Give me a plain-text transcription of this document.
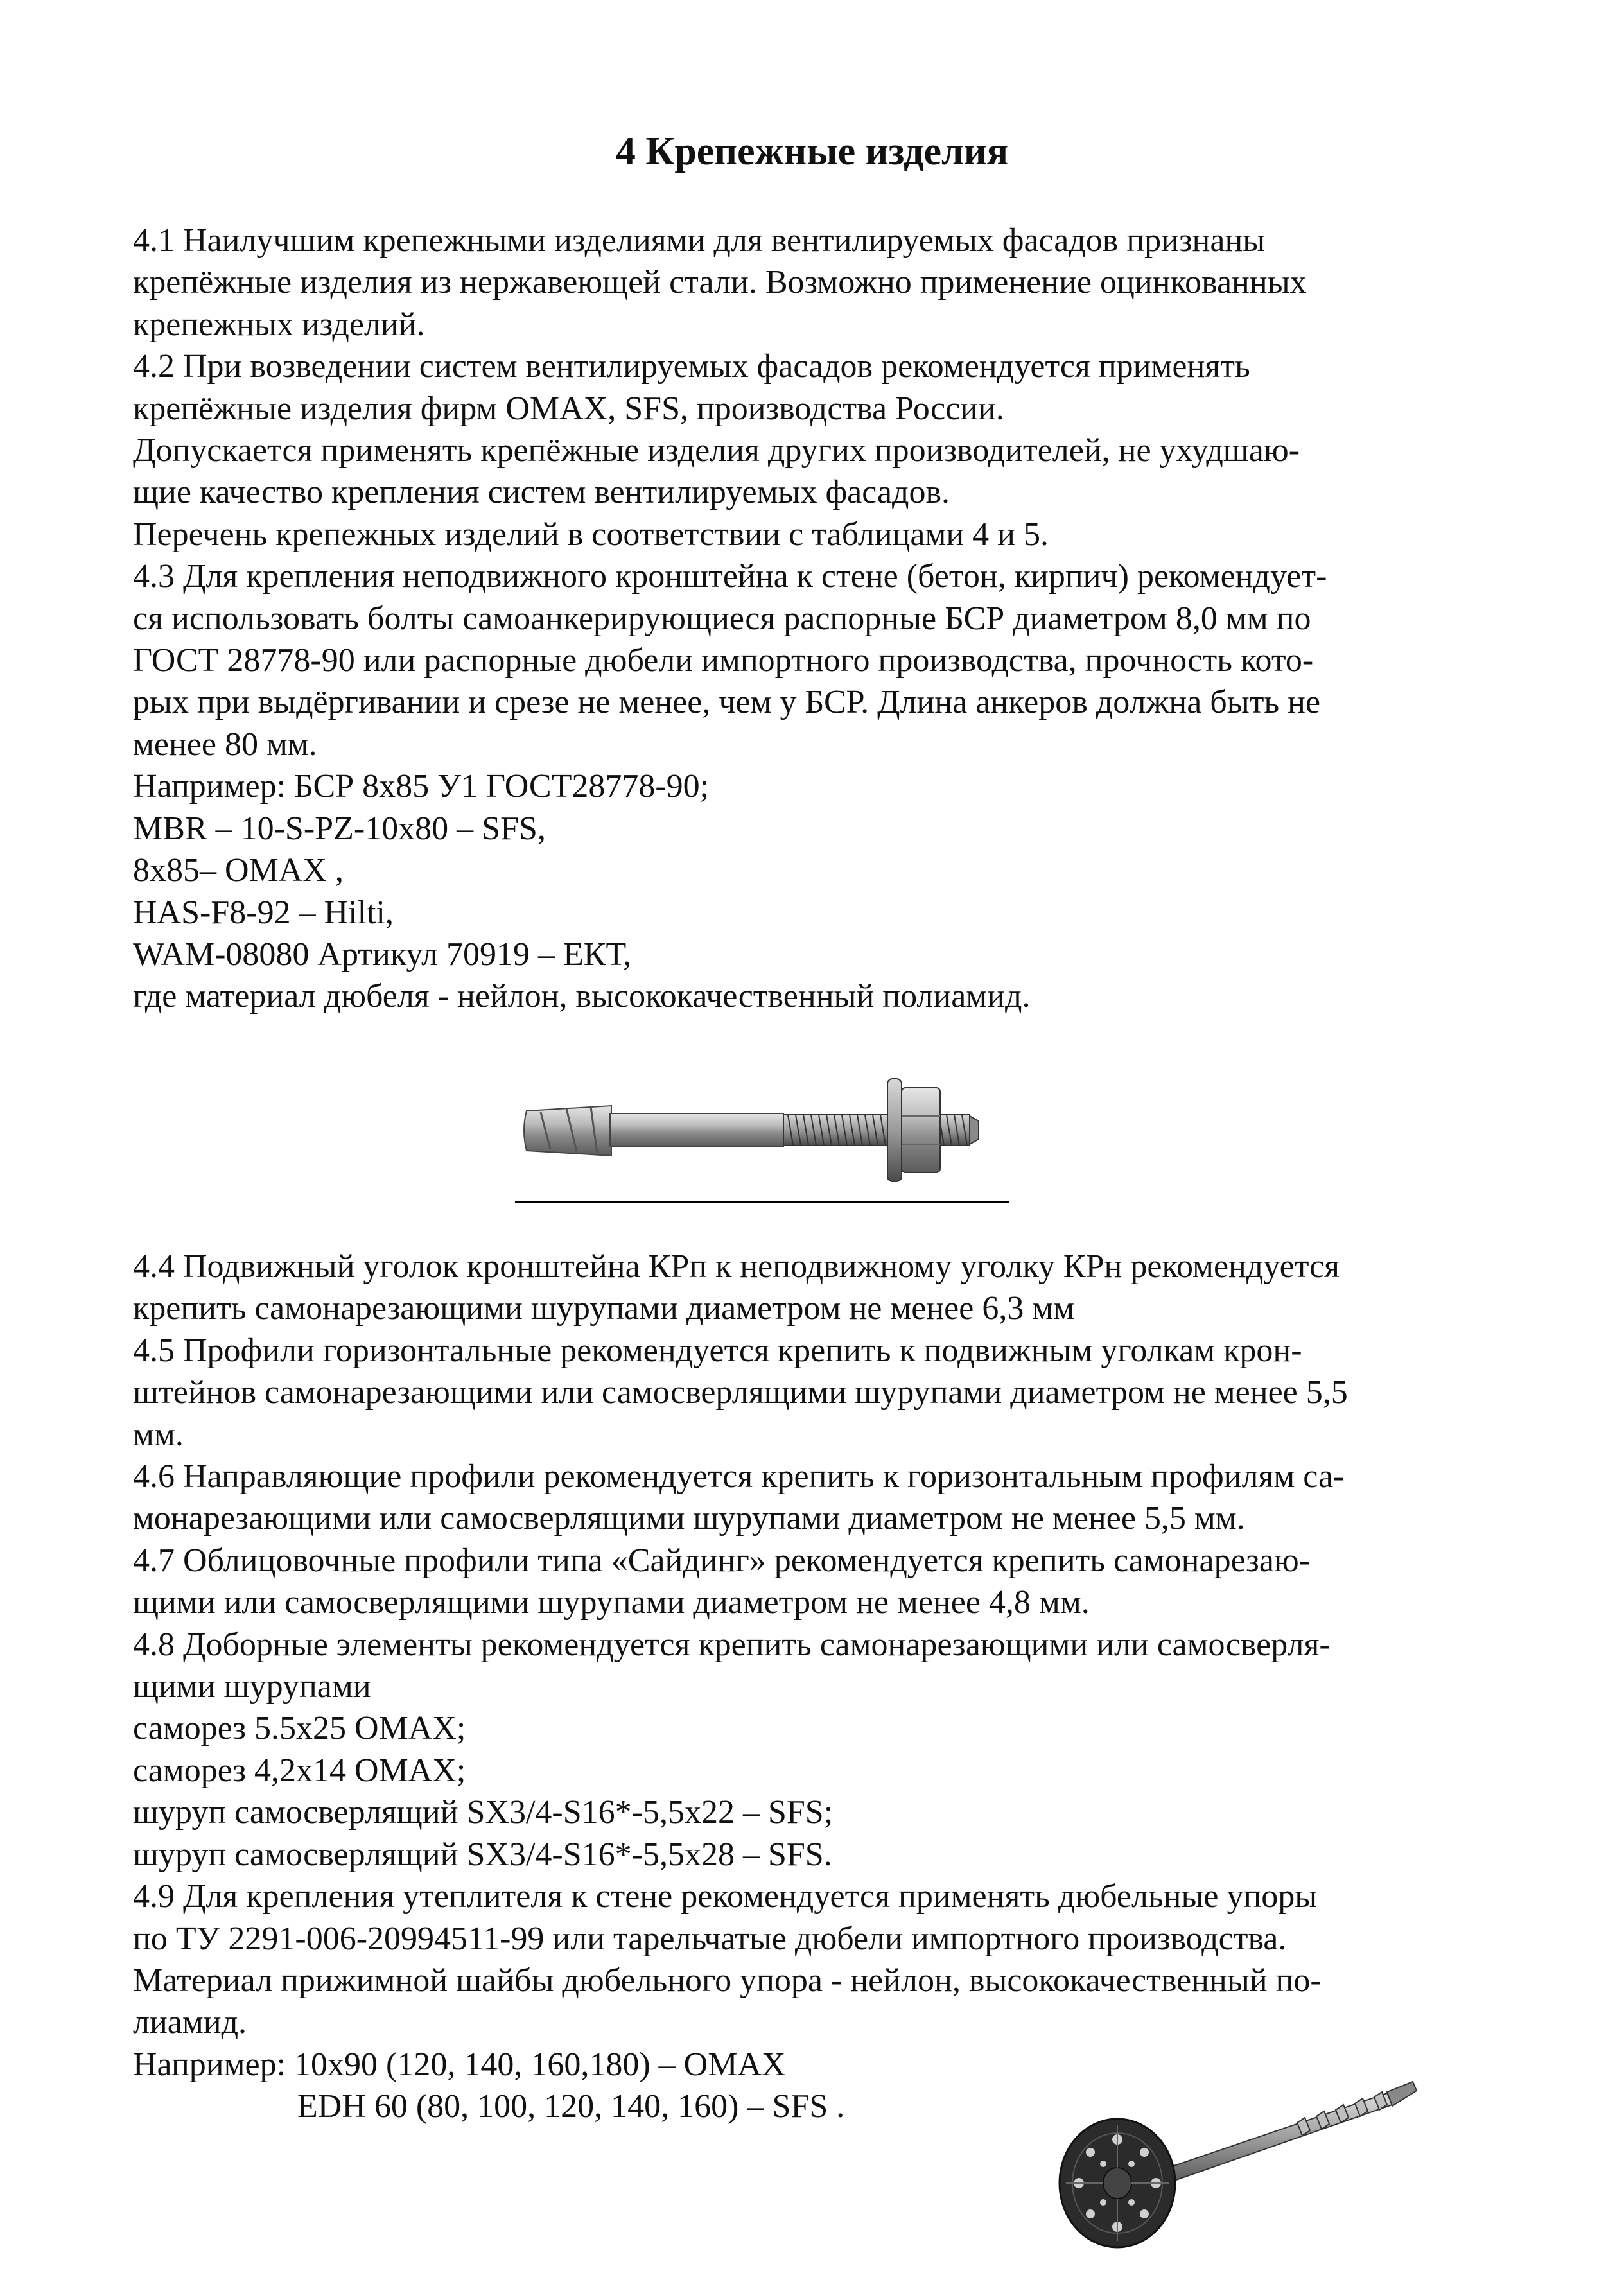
4 Крепежные изделия
4.1 Наилучшим крепежными изделиями для вентилируемых фасадов признаны
крепёжные изделия из нержавеющей стали. Возможно применение оцинкованных
крепежных изделий.
4.2 При возведении систем вентилируемых фасадов рекомендуется применять
крепёжные изделия фирм OMAX, SFS, производства России.
Допускается применять крепёжные изделия других производителей, не ухудшаю-
щие качество крепления систем вентилируемых фасадов.
Перечень крепежных изделий в соответствии с таблицами 4 и 5.
4.3 Для крепления неподвижного кронштейна к стене (бетон, кирпич) рекомендует-
ся использовать болты самоанкерирующиеся распорные БСР диаметром 8,0 мм по
ГОСТ 28778-90 или распорные дюбели импортного производства, прочность кото-
рых при выдёргивании и срезе не менее, чем у БСР. Длина анкеров должна быть не
менее 80 мм.
Например: БСР 8х85 У1 ГОСТ28778-90;
MBR – 10-S-PZ-10x80 – SFS,
8x85– OMAX ,
HAS-F8-92 – Hilti,
WAM-08080 Артикул 70919 – ЕКТ,
где материал дюбеля - нейлон, высококачественный полиамид.
4.4 Подвижный уголок кронштейна КРп к неподвижному уголку КРн рекомендуется
крепить самонарезающими шурупами диаметром не менее 6,3 мм
4.5 Профили горизонтальные рекомендуется крепить к подвижным уголкам крон-
штейнов самонарезающими или самосверлящими шурупами диаметром не менее 5,5
мм.
4.6 Направляющие профили рекомендуется крепить к горизонтальным профилям са-
монарезающими или самосверлящими шурупами диаметром не менее 5,5 мм.
4.7 Облицовочные профили типа «Сайдинг» рекомендуется крепить самонарезаю-
щими или самосверлящими шурупами диаметром не менее 4,8 мм.
4.8 Доборные элементы рекомендуется крепить самонарезающими или самосверля-
щими шурупами
саморез 5.5х25 OMAX;
саморез 4,2х14 OMAX;
шуруп самосверлящий SX3/4-S16*-5,5x22 – SFS;
шуруп самосверлящий SX3/4-S16*-5,5x28 – SFS.
4.9 Для крепления утеплителя к стене рекомендуется применять дюбельные упоры
по ТУ 2291-006-20994511-99 или тарельчатые дюбели импортного производства.
Материал прижимной шайбы дюбельного упора - нейлон, высококачественный по-
лиамид.
Например: 10х90 (120, 140, 160,180) – OMAX
EDH 60 (80, 100, 120, 140, 160) – SFS .
